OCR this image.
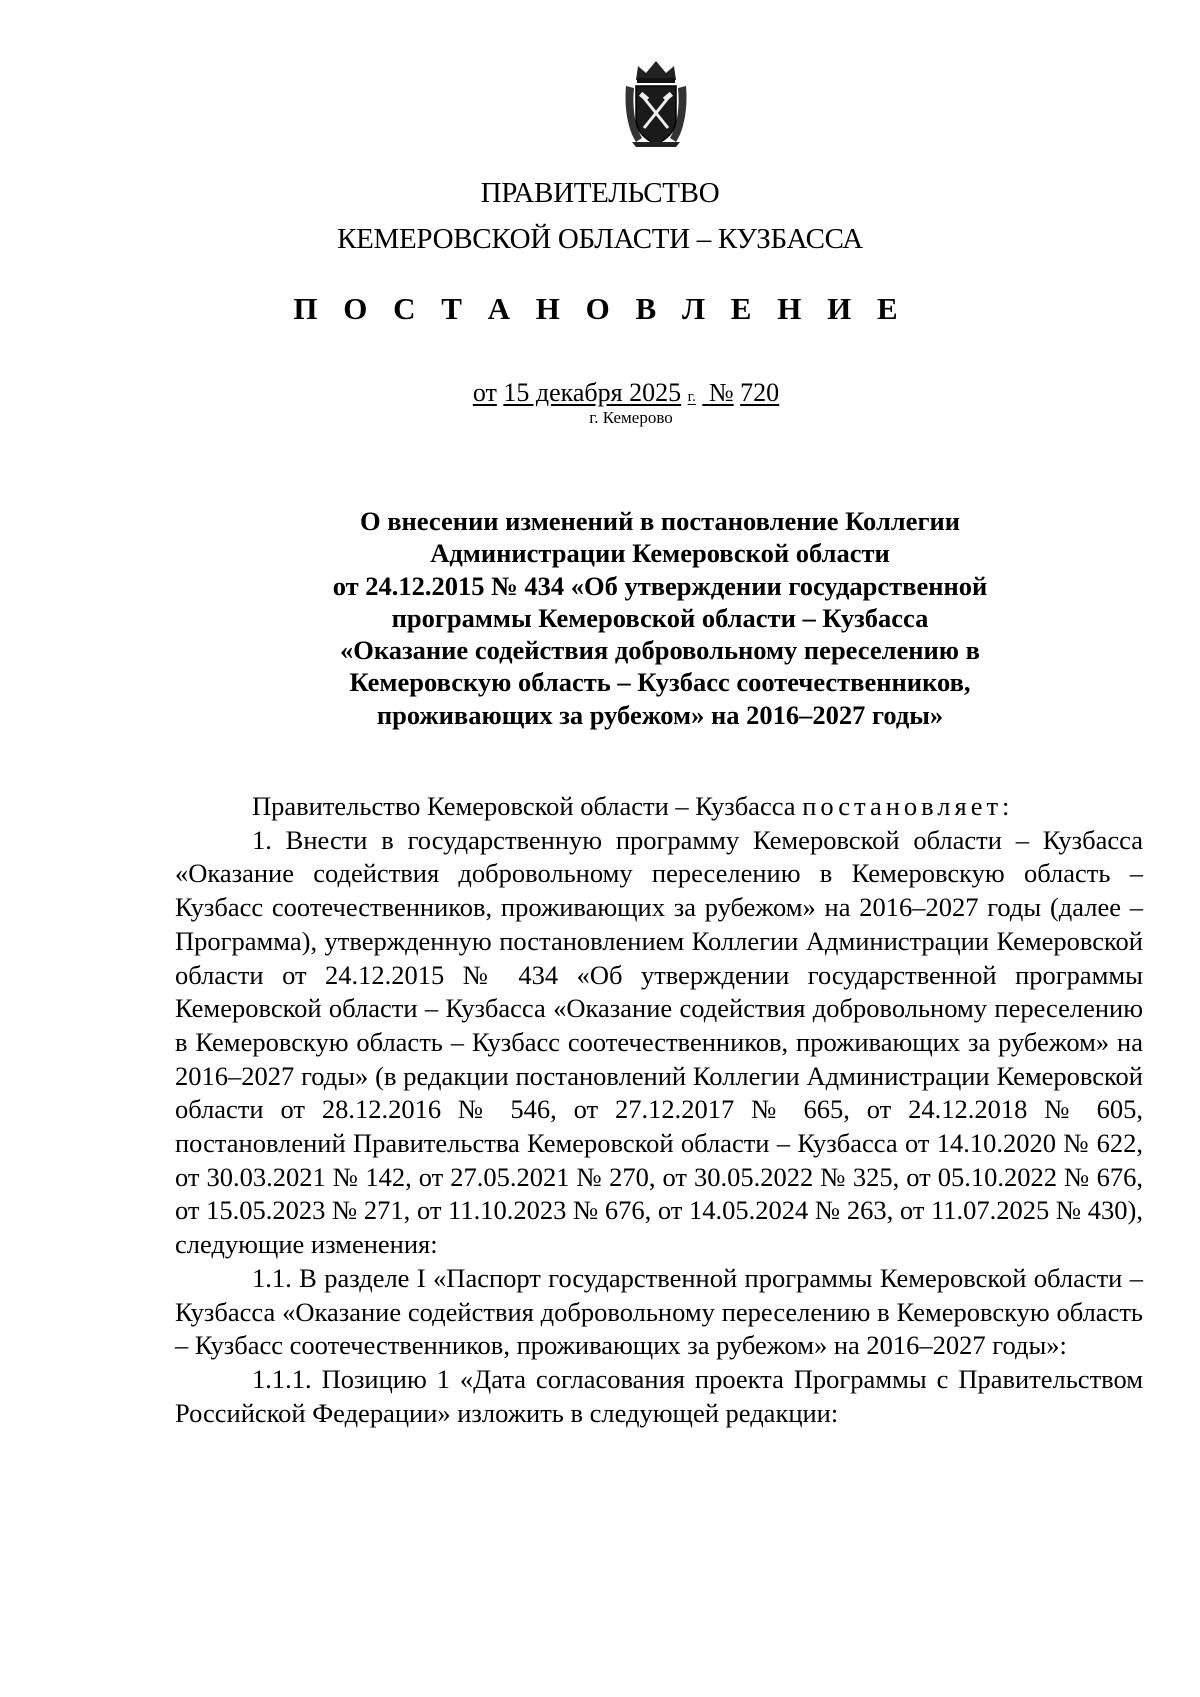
ПРАВИТЕЛЬСТВО
КЕМЕРОВСКОЙ ОБЛАСТИ – КУЗБАССА
П О С Т А Н О В Л Е Н И Е
от 15 декабря 2025 г. № 720
г. Кемерово
О внесении изменений в постановление Коллегии
Администрации Кемеровской области
от 24.12.2015 № 434 «Об утверждении государственной
программы Кемеровской области – Кузбасса
«Оказание содействия добровольному переселению в
Кемеровскую область – Кузбасс соотечественников,
проживающих за рубежом» на 2016–2027 годы»

Правительство Кемеровской области – Кузбасса постановляет:

1. Внести в государственную программу Кемеровской области – Кузбасса «Оказание содействия добровольному переселению в Кемеровскую область – Кузбасс соотечественников, проживающих за рубежом» на 2016–2027 годы (далее – Программа), утвержденную постановлением Коллегии Администрации Кемеровской области от 24.12.2015 № 434 «Об утверждении государственной программы Кемеровской области – Кузбасса «Оказание содействия добровольному переселению в Кемеровскую область – Кузбасс соотечественников, проживающих за рубежом» на 2016–2027 годы» (в редакции постановлений Коллегии Администрации Кемеровской области от 28.12.2016 № 546, от 27.12.2017 № 665, от 24.12.2018 № 605, постановлений Правительства Кемеровской области – Кузбасса от 14.10.2020 № 622, от 30.03.2021 № 142, от 27.05.2021 № 270, от 30.05.2022 № 325, от 05.10.2022 № 676, от 15.05.2023 № 271, от 11.10.2023 № 676, от 14.05.2024 № 263, от 11.07.2025 № 430), следующие изменения:

1.1. В разделе I «Паспорт государственной программы Кемеровской области – Кузбасса «Оказание содействия добровольному переселению в Кемеровскую область – Кузбасс соотечественников, проживающих за рубежом» на 2016–2027 годы»:

1.1.1. Позицию 1 «Дата согласования проекта Программы с Правительством Российской Федерации» изложить в следующей редакции:
